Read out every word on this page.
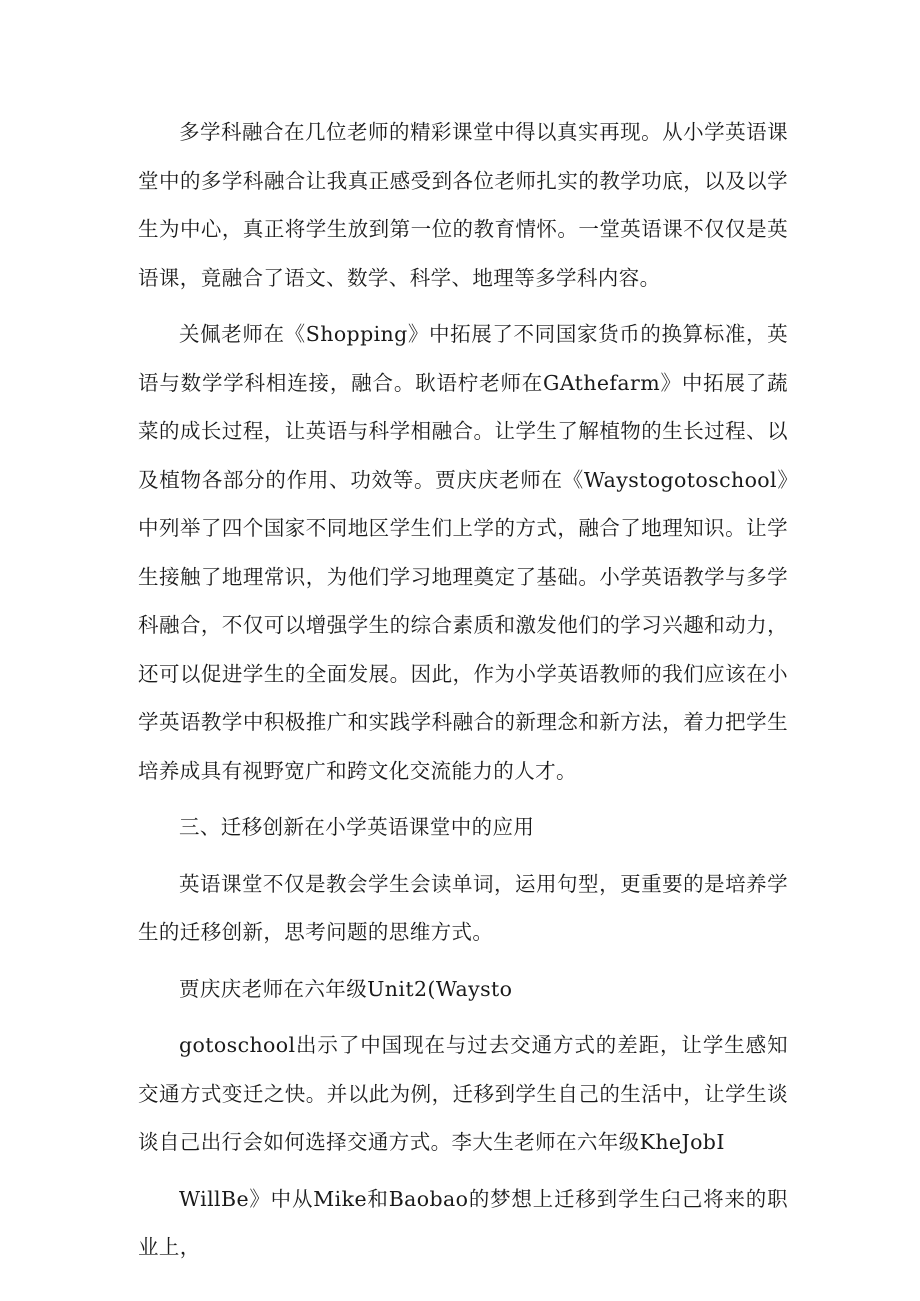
多学科融合在几位老师的精彩课堂中得以真实再现。从小学英语课堂中的多学科融合让我真正感受到各位老师扎实的教学功底，以及以学生为中心，真正将学生放到第一位的教育情怀。一堂英语课不仅仅是英语课，竟融合了语文、数学、科学、地理等多学科内容。

关佩老师在《Shopping》中拓展了不同国家货币的换算标准，英语与数学学科相连接，融合。耿语柠老师在GAthefarm》中拓展了蔬菜的成长过程，让英语与科学相融合。让学生了解植物的生长过程、以及植物各部分的作用、功效等。贾庆庆老师在《Waystogotoschool》中列举了四个国家不同地区学生们上学的方式，融合了地理知识。让学生接触了地理常识，为他们学习地理奠定了基础。小学英语教学与多学科融合，不仅可以增强学生的综合素质和激发他们的学习兴趣和动力，还可以促进学生的全面发展。因此，作为小学英语教师的我们应该在小学英语教学中积极推广和实践学科融合的新理念和新方法，着力把学生培养成具有视野宽广和跨文化交流能力的人才。

三、迁移创新在小学英语课堂中的应用

英语课堂不仅是教会学生会读单词，运用句型，更重要的是培养学生的迁移创新，思考问题的思维方式。

贾庆庆老师在六年级Unit2(Waysto

gotoschool出示了中国现在与过去交通方式的差距，让学生感知交通方式变迁之快。并以此为例，迁移到学生自己的生活中，让学生谈谈自己出行会如何选择交通方式。李大生老师在六年级KheJobI

WillBe》中从Mike和Baobao的梦想上迁移到学生臼己将来的职业上，
